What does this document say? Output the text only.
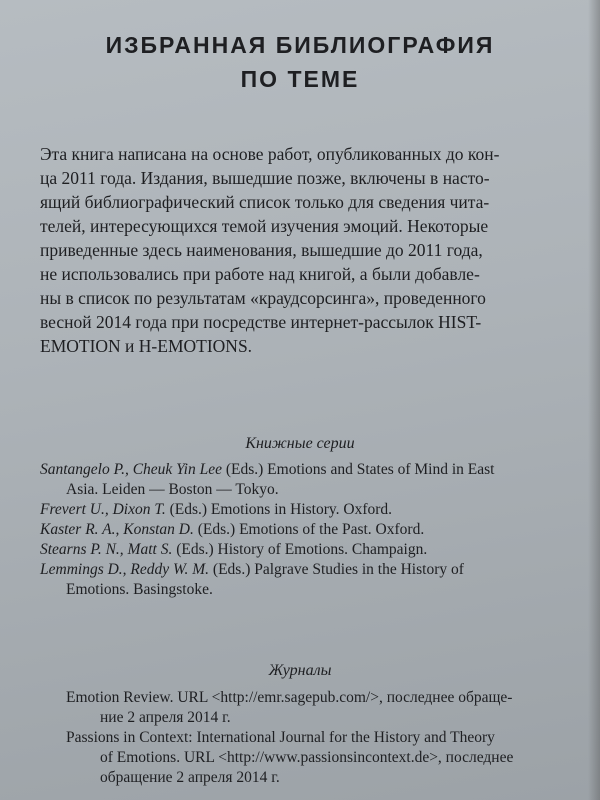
ИЗБРАННАЯ БИБЛИОГРАФИЯ
ПО ТЕМЕ
Эта книга написана на основе работ, опубликованных до кон-
ца 2011 года. Издания, вышедшие позже, включены в насто-
ящий библиографический список только для сведения чита-
телей, интересующихся темой изучения эмоций. Некоторые
приведенные здесь наименования, вышедшие до 2011 года,
не использовались при работе над книгой, а были добавле-
ны в список по результатам «краудсорсинга», проведенного
весной 2014 года при посредстве интернет-рассылок HIST-
EMOTION и H-EMOTIONS.
Книжные серии
Santangelo P., Cheuk Yin Lee (Eds.) Emotions and States of Mind in East
Asia. Leiden — Boston — Tokyo.
Frevert U., Dixon T. (Eds.) Emotions in History. Oxford.
Kaster R. A., Konstan D. (Eds.) Emotions of the Past. Oxford.
Stearns P. N., Matt S. (Eds.) History of Emotions. Champaign.
Lemmings D., Reddy W. M. (Eds.) Palgrave Studies in the History of
Emotions. Basingstoke.
Журналы
Emotion Review. URL <http://emr.sagepub.com/>, последнее обраще-
ние 2 апреля 2014 г.
Passions in Context: International Journal for the History and Theory
of Emotions. URL <http://www.passionsincontext.de>, последнее
обращение 2 апреля 2014 г.
